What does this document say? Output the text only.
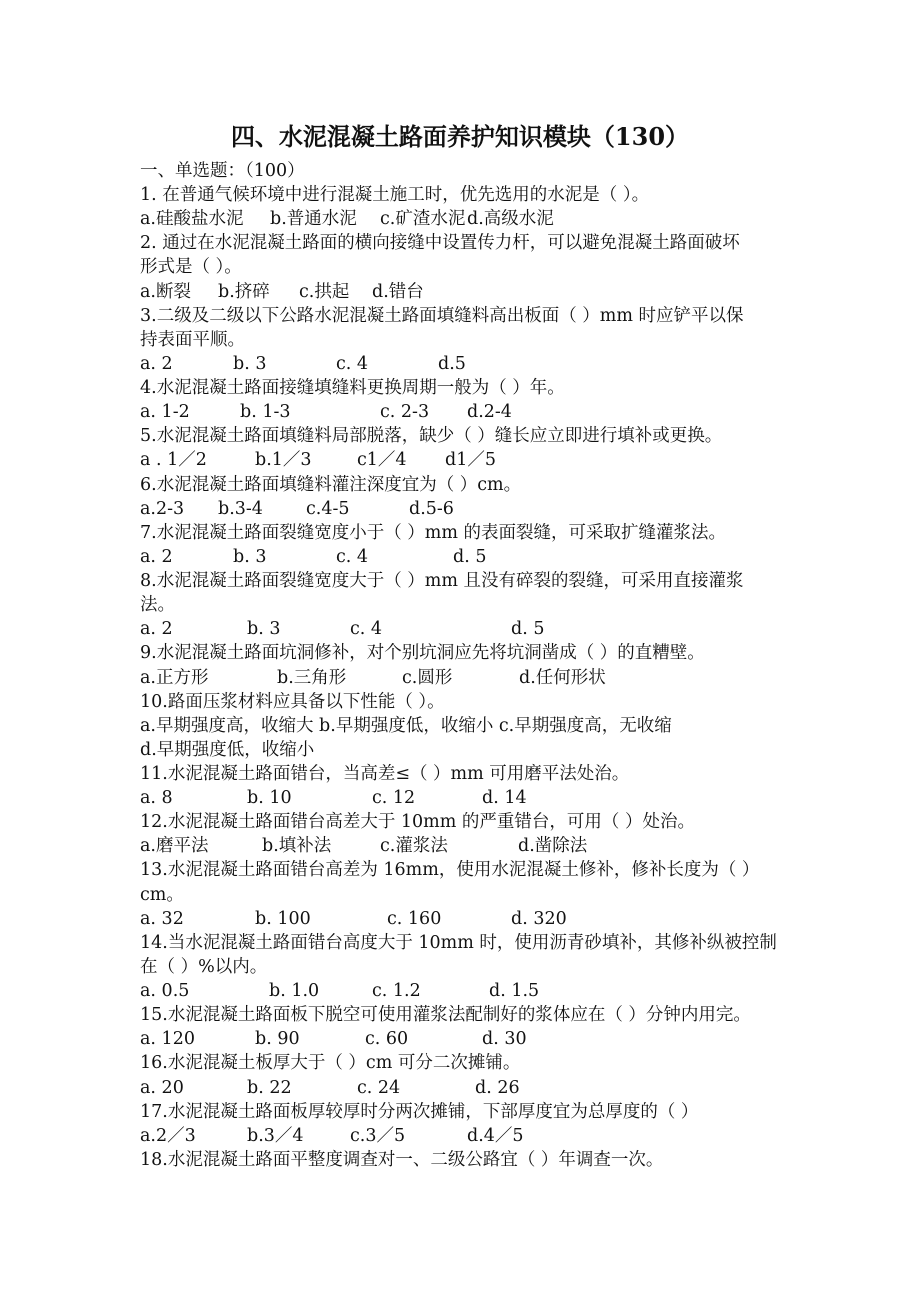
四、水泥混凝土路面养护知识模块（130）
一、单选题：（100）
1. 在普通气候环境中进行混凝土施工时，优先选用的水泥是（ ）。
a.硅酸盐水泥 b.普通水泥 c.矿渣水泥 d.高级水泥
2. 通过在水泥混凝土路面的横向接缝中设置传力杆，可以避免混凝土路面破坏
形式是（ ）。
a.断裂 b.挤碎 c.拱起 d.错台
3.二级及二级以下公路水泥混凝土路面填缝料高出板面（ ）mm 时应铲平以保
持表面平顺。
a. 2	b. 3	c. 4	d.5
4.水泥混凝土路面接缝填缝料更换周期一般为（ ）年。
a. 1-2	b. 1-3	c. 2-3 d.2-4
5.水泥混凝土路面填缝料局部脱落，缺少（ ）缝长应立即进行填补或更换。
a . 1／2	b.1／3	c1／4 d1／5
6.水泥混凝土路面填缝料灌注深度宜为（ ）cm。
a.2-3 b.3-4 c.4-5	d.5-6
7.水泥混凝土路面裂缝宽度小于（ ）mm 的表面裂缝，可采取扩缝灌浆法。
a. 2	b. 3	c. 4	d. 5
8.水泥混凝土路面裂缝宽度大于（ ）mm 且没有碎裂的裂缝，可采用直接灌浆
法。
a. 2	b. 3	c. 4	d. 5
9.水泥混凝土路面坑洞修补，对个别坑洞应先将坑洞凿成（ ）的直糟壁。
a.正方形	b.三角形	c.圆形	d.任何形状
10.路面压浆材料应具备以下性能（ ）。
a.早期强度高，收缩大 b.早期强度低，收缩小 c.早期强度高，无收缩
d.早期强度低，收缩小
11.水泥混凝土路面错台，当高差≤（ ）mm 可用磨平法处治。
a. 8	b. 10	c. 12	d. 14
12.水泥混凝土路面错台高差大于 10mm 的严重错台，可用（ ）处治。
a.磨平法	b.填补法	c.灌浆法	d.凿除法
13.水泥混凝土路面错台高差为 16mm，使用水泥混凝土修补，修补长度为（ ）
cm。
a. 32	b. 100	c. 160	d. 320
14.当水泥混凝土路面错台高度大于 10mm 时，使用沥青砂填补，其修补纵被控制
在（ ）%以内。
a. 0.5	b. 1.0	c. 1.2	d. 1.5
15.水泥混凝土路面板下脱空可使用灌浆法配制好的浆体应在（ ）分钟内用完。
a. 120	b. 90	c. 60	d. 30
16.水泥混凝土板厚大于（ ）cm 可分二次摊铺。
a. 20	b. 22	c. 24	d. 26
17.水泥混凝土路面板厚较厚时分两次摊铺，下部厚度宜为总厚度的（ ）
a.2／3	b.3／4	c.3／5	d.4／5
18.水泥混凝土路面平整度调查对一、二级公路宜（ ）年调查一次。
